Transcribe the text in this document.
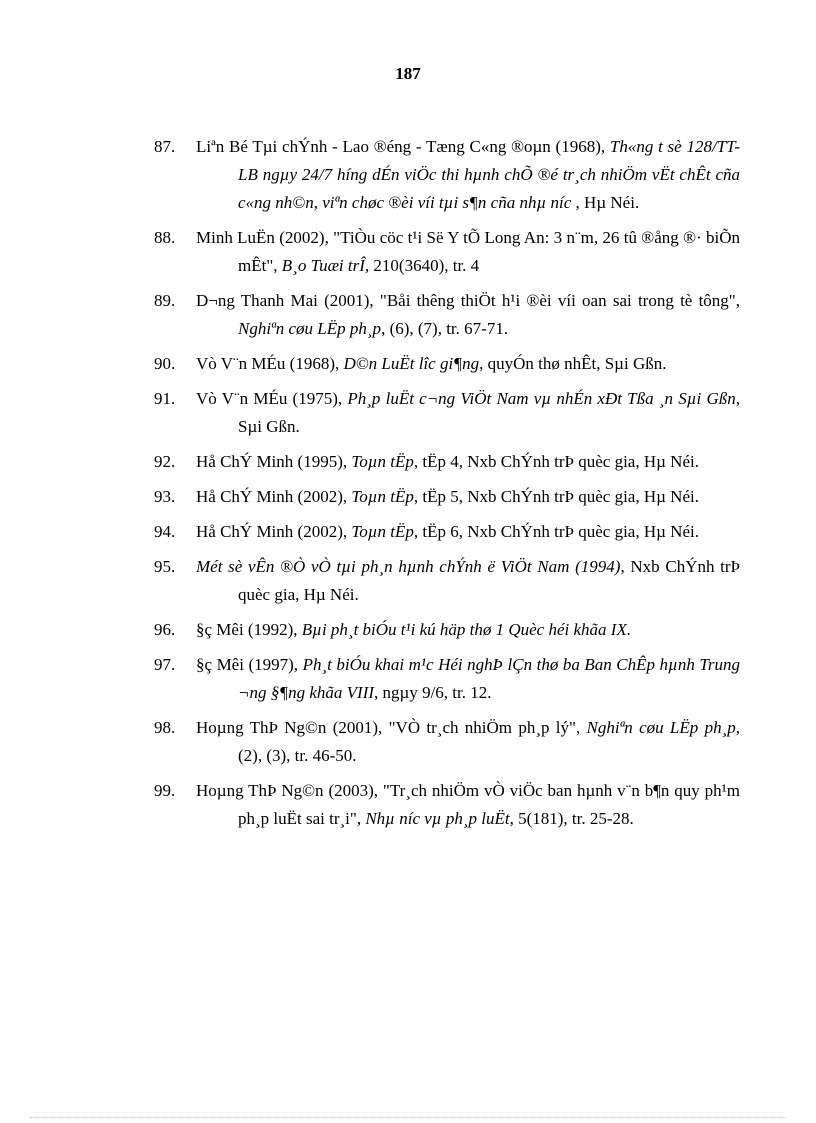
187
87.	Liªn Bé Tµi chÝnh - Lao ®éng - Tæng C«ng ®oµn (1968), Th«ng t sè 128/TT-LB ngµy 24/7 híng dÉn viÖc thi hµnh chÕ ®é tr¸ch nhiÖm vËt chÊt cña c«ng nh©n, viªn chøc ®èi víi tµi s¶n cña nhµ níc , Hµ Néi.
88.	Minh LuËn (2002), "TiÒu cöc t¹i Së Y tÕ Long An: 3 n¨m, 26 tû ®ång ®· biÕn mÊt", B¸o Tuæi trÎ, 210(3640), tr. 4
89.	D¬ng Thanh Mai (2001), "Båi thêng thiÖt h¹i ®èi víi oan sai trong tè tông", Nghiªn cøu LËp ph¸p, (6), (7), tr. 67-71.
90.	Vò V¨n MÉu (1968), D©n LuËt lîc gi¶ng, quyÓn thø nhÊt, Sµi Gßn.
91.	Vò V¨n MÉu (1975), Ph¸p luËt c¬ng ViÖt Nam vµ nhÉn xÐt Tßa ¸n Sµi Gßn, Sµi Gßn.
92.	Hå ChÝ Minh (1995), Toµn tËp, tËp 4, Nxb ChÝnh trÞ quèc gia, Hµ Néi.
93.	Hå ChÝ Minh (2002), Toµn tËp, tËp 5, Nxb ChÝnh trÞ quèc gia, Hµ Néi.
94.	Hå ChÝ Minh (2002), Toµn tËp, tËp 6, Nxb ChÝnh trÞ quèc gia, Hµ Néi.
95.	Mét sè vÊn ®Ò vÒ tµi ph¸n hµnh chÝnh ë ViÖt Nam (1994), Nxb ChÝnh trÞ quèc gia, Hµ Néi.
96.	§ç Mêi (1992), Bµi ph¸t biÓu t¹i kú häp thø 1 Quèc héi khãa IX.
97.	§ç Mêi (1997), Ph¸t biÓu khai m¹c Héi nghÞ lÇn thø ba Ban ChÊp hµnh Trung ¬ng §¶ng khãa VIII, ngµy 9/6, tr. 12.
98.	Hoµng ThÞ Ng©n (2001), "VÒ tr¸ch nhiÖm ph¸p lý", Nghiªn cøu LËp ph¸p, (2), (3), tr. 46-50.
99.	Hoµng ThÞ Ng©n (2003), "Tr¸ch nhiÖm vÒ viÖc ban hµnh v¨n b¶n quy ph¹m ph¸p luËt sai tr¸i", Nhµ níc vµ ph¸p luËt, 5(181), tr. 25-28.
